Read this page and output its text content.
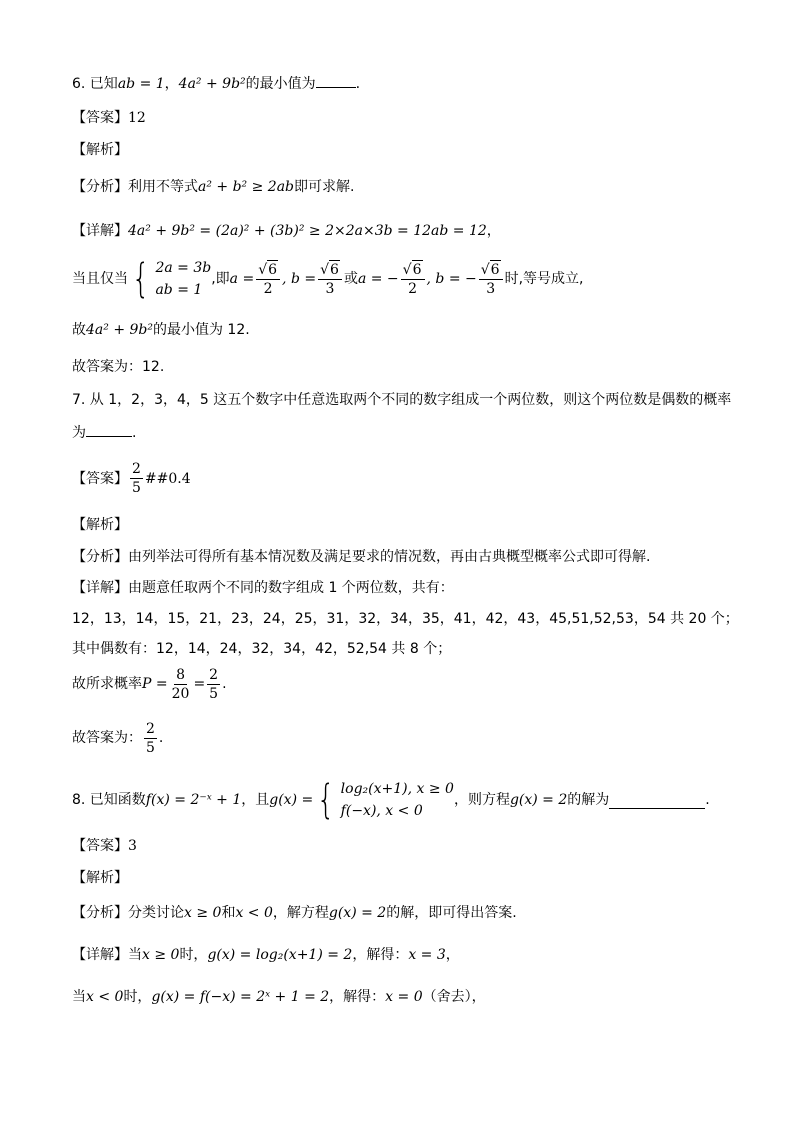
6. 已知ab = 1，4a² + 9b²的最小值为	.
【答案】12
【解析】
【分析】利用不等式a² + b² ≥ 2ab即可求解.
【详解】4a² + 9b² = (2a)² + (3b)² ≥ 2×2a×3b = 12ab = 12，
当且仅当 { 2a = 3b
ab = 1
,即 $a = \frac{√ 6}{2}$ , $b = \frac{√ 6}{3}$ 或 a = − $\frac{√ 6}{2}$ , b = − $\frac{√ 6}{3}$ 时,等号成立,
故4a² + 9b²的最小值为 12.
故答案为：12.
7. 从 1，2，3，4，5 这五个数字中任意选取两个不同的数字组成一个两位数，则这个两位数是偶数的概率
为	.
【答案】 $\frac{2}{5}$ ##0.4
【解析】
【分析】由列举法可得所有基本情况数及满足要求的情况数，再由古典概型概率公式即可得解.
【详解】由题意任取两个不同的数字组成 1 个两位数，共有：
12，13，14，15，21，23，24，25，31，32，34，35，41，42，43，45,51,52,53，54 共 20 个；
其中偶数有：12，14，24，32，34，42，52,54 共 8 个；
故所求概率 $P = \frac{8}{20} = \frac{2}{5}$ .
故答案为： $\frac{2}{5}$ .
8. 已知函数 f(x) = 2⁻ˣ + 1 ，且 g(x) = { log₂(x+1), x ≥ 0
f(−x), x < 0
，则方程 g(x) = 2 的解为	.
【答案】3
【解析】
【分析】分类讨论x ≥ 0和x < 0，解方程g(x) = 2的解，即可得出答案.
【详解】当x ≥ 0时，g(x) = log₂(x+1) = 2，解得：x = 3，
当x < 0时，g(x) = f(−x) = 2ˣ + 1 = 2，解得：x = 0（舍去），
